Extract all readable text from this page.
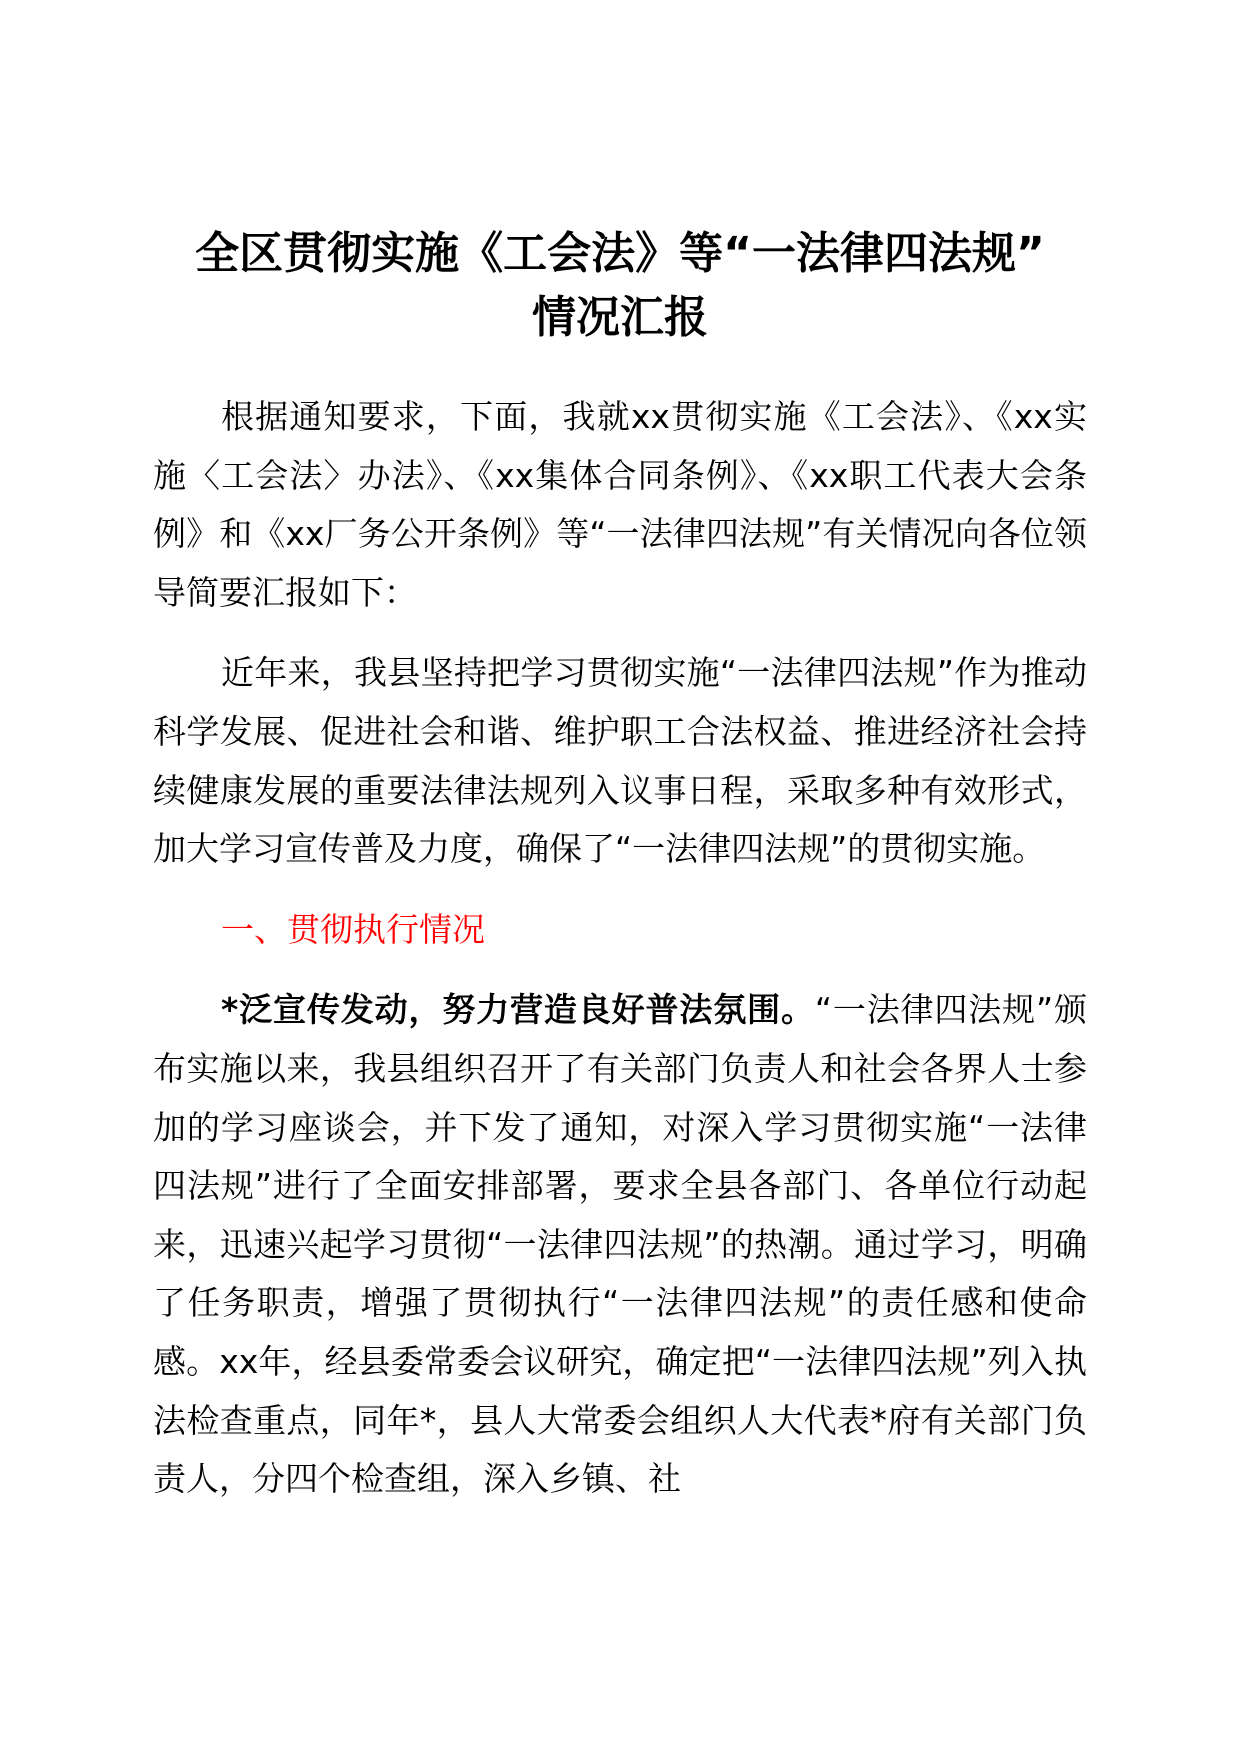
全区贯彻实施《工会法》等“一法律四法规”
情况汇报

根据通知要求，下面，我就xx贯彻实施《工会法》、《xx实施〈工会法〉办法》、《xx集体合同条例》、《xx职工代表大会条例》和《xx厂务公开条例》等“一法律四法规”有关情况向各位领导简要汇报如下：

近年来，我县坚持把学习贯彻实施“一法律四法规”作为推动科学发展、促进社会和谐、维护职工合法权益、推进经济社会持续健康发展的重要法律法规列入议事日程，采取多种有效形式，加大学习宣传普及力度，确保了“一法律四法规”的贯彻实施。

一、贯彻执行情况

*泛宣传发动，努力营造良好普法氛围。“一法律四法规”颁布实施以来，我县组织召开了有关部门负责人和社会各界人士参加的学习座谈会，并下发了通知，对深入学习贯彻实施“一法律四法规”进行了全面安排部署，要求全县各部门、各单位行动起来，迅速兴起学习贯彻“一法律四法规”的热潮。通过学习，明确了任务职责，增强了贯彻执行“一法律四法规”的责任感和使命感。xx年，经县委常委会议研究，确定把“一法律四法规”列入执法检查重点，同年*，县人大常委会组织人大代表*府有关部门负责人，分四个检查组，深入乡镇、社
